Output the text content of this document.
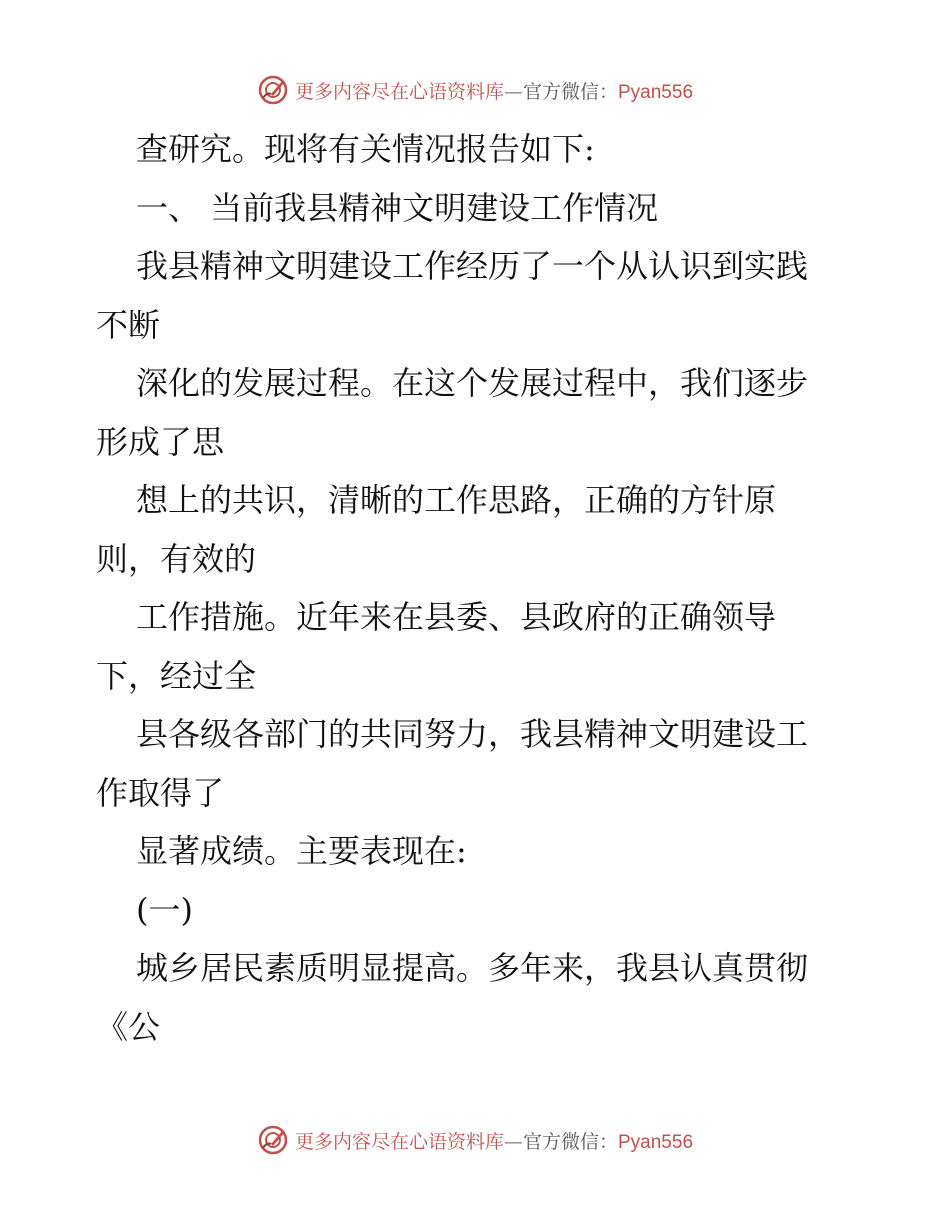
更多内容尽在心语资料库—官方微信：Pyan556
查研究。现将有关情况报告如下:
一、 当前我县精神文明建设工作情况
我县精神文明建设工作经历了一个从认识到实践
不断
深化的发展过程。在这个发展过程中，我们逐步
形成了思
想上的共识，清晰的工作思路，正确的方针原
则，有效的
工作措施。近年来在县委、县政府的正确领导
下，经过全
县各级各部门的共同努力，我县精神文明建设工
作取得了
显著成绩。主要表现在:
(一)
城乡居民素质明显提高。多年来，我县认真贯彻
《公
更多内容尽在心语资料库—官方微信：Pyan556
